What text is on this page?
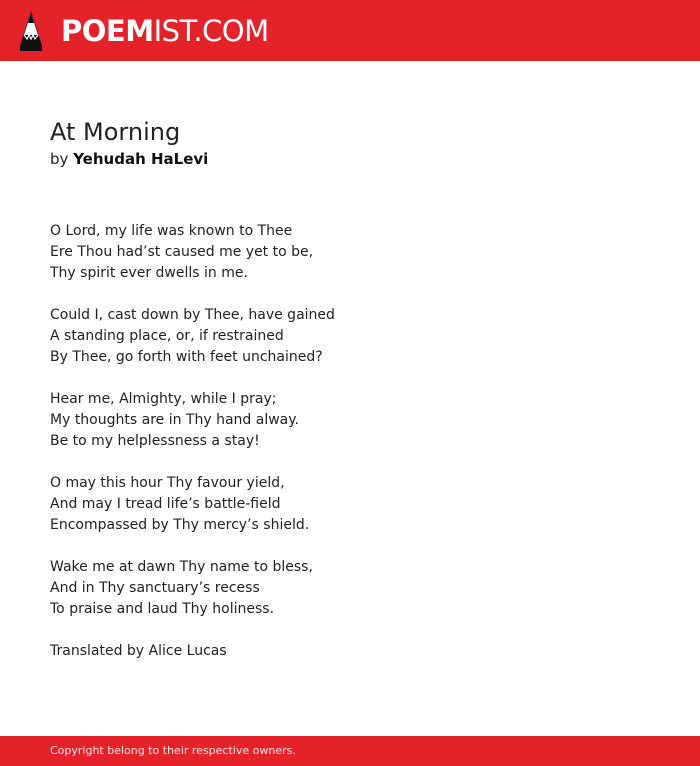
POEMIST.COM
At Morning
by Yehudah HaLevi
O Lord, my life was known to Thee
Ere Thou had’st caused me yet to be,
Thy spirit ever dwells in me.
Could I, cast down by Thee, have gained
A standing place, or, if restrained
By Thee, go forth with feet unchained?
Hear me, Almighty, while I pray;
My thoughts are in Thy hand alway.
Be to my helplessness a stay!
O may this hour Thy favour yield,
And may I tread life’s battle-field
Encompassed by Thy mercy’s shield.
Wake me at dawn Thy name to bless,
And in Thy sanctuary’s recess
To praise and laud Thy holiness.
Translated by Alice Lucas
Copyright belong to their respective owners.
